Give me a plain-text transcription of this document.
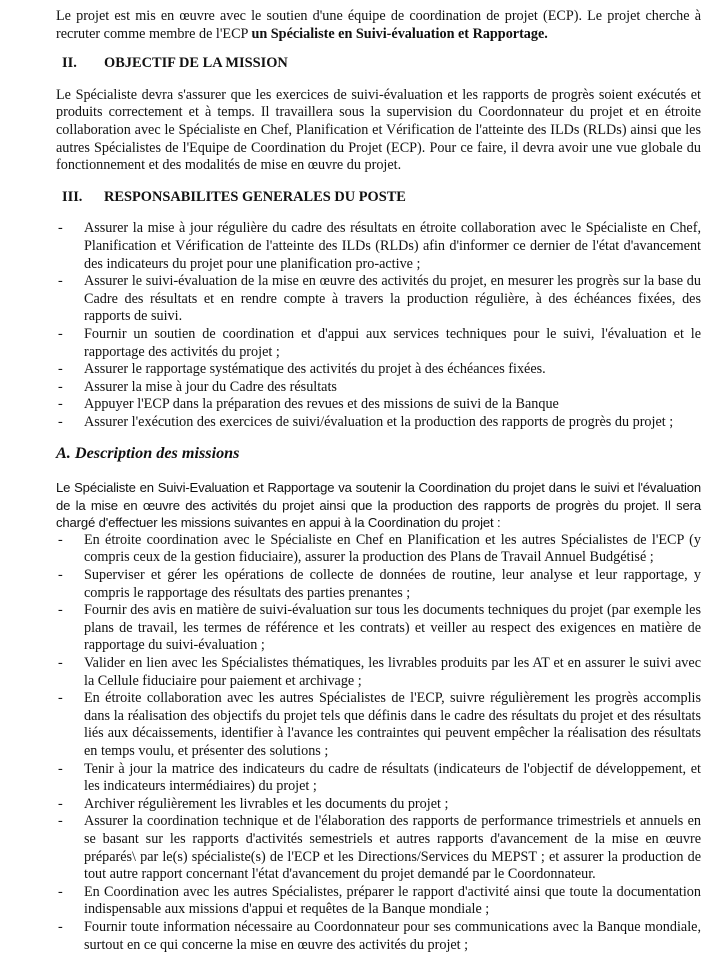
Le projet est mis en œuvre avec le soutien d'une équipe de coordination de projet (ECP). Le projet cherche à recruter comme membre de l'ECP un Spécialiste en Suivi-évaluation et Rapportage.

II.	OBJECTIF DE LA MISSION

Le Spécialiste devra s'assurer que les exercices de suivi-évaluation et les rapports de progrès soient exécutés et produits correctement et à temps. Il travaillera sous la supervision du Coordonnateur du projet et en étroite collaboration avec le Spécialiste en Chef, Planification et Vérification de l'atteinte des ILDs (RLDs) ainsi que les autres Spécialistes de l'Equipe de Coordination du Projet (ECP). Pour ce faire, il devra avoir une vue globale du fonctionnement et des modalités de mise en œuvre du projet.

III.	RESPONSABILITES GENERALES DU POSTE
- Assurer la mise à jour régulière du cadre des résultats en étroite collaboration avec le Spécialiste en Chef, Planification et Vérification de l'atteinte des ILDs (RLDs) afin d'informer ce dernier de l'état d'avancement des indicateurs du projet pour une planification pro-active ;
- Assurer le suivi-évaluation de la mise en œuvre des activités du projet, en mesurer les progrès sur la base du Cadre des résultats et en rendre compte à travers la production régulière, à des échéances fixées, des rapports de suivi.
- Fournir un soutien de coordination et d'appui aux services techniques pour le suivi, l'évaluation et le rapportage des activités du projet ;
- Assurer le rapportage systématique des activités du projet à des échéances fixées.
- Assurer la mise à jour du Cadre des résultats
- Appuyer l'ECP dans la préparation des revues et des missions de suivi de la Banque
- Assurer l'exécution des exercices de suivi/évaluation et la production des rapports de progrès du projet ;
A. Description des missions

Le Spécialiste en Suivi-Evaluation et Rapportage va soutenir la Coordination du projet dans le suivi et l'évaluation de la mise en œuvre des activités du projet ainsi que la production des rapports de progrès du projet. Il sera chargé d'effectuer les missions suivantes en appui à la Coordination du projet :

- En étroite coordination avec le Spécialiste en Chef en Planification et les autres Spécialistes de l'ECP (y compris ceux de la gestion fiduciaire), assurer la production des Plans de Travail Annuel Budgétisé ;
- Superviser et gérer les opérations de collecte de données de routine, leur analyse et leur rapportage, y compris le rapportage des résultats des parties prenantes ;
- Fournir des avis en matière de suivi-évaluation sur tous les documents techniques du projet (par exemple les plans de travail, les termes de référence et les contrats) et veiller au respect des exigences en matière de rapportage du suivi-évaluation ;
- Valider en lien avec les Spécialistes thématiques, les livrables produits par les AT et en assurer le suivi avec la Cellule fiduciaire pour paiement et archivage ;
- En étroite collaboration avec les autres Spécialistes de l'ECP, suivre régulièrement les progrès accomplis dans la réalisation des objectifs du projet tels que définis dans le cadre des résultats du projet et des résultats liés aux décaissements, identifier à l'avance les contraintes qui peuvent empêcher la réalisation des résultats en temps voulu, et présenter des solutions ;
- Tenir à jour la matrice des indicateurs du cadre de résultats (indicateurs de l'objectif de développement, et les indicateurs intermédiaires) du projet ;
- Archiver régulièrement les livrables et les documents du projet ;
- Assurer la coordination technique et de l'élaboration des rapports de performance trimestriels et annuels en se basant sur les rapports d'activités semestriels et autres rapports d'avancement de la mise en œuvre préparés\ par le(s) spécialiste(s) de l'ECP et les Directions/Services du MEPST ; et assurer la production de tout autre rapport concernant l'état d'avancement du projet demandé par le Coordonnateur.
- En Coordination avec les autres Spécialistes, préparer le rapport d'activité ainsi que toute la documentation indispensable aux missions d'appui et requêtes de la Banque mondiale ;
- Fournir toute information nécessaire au Coordonnateur pour ses communications avec la Banque mondiale, surtout en ce qui concerne la mise en œuvre des activités du projet ;
